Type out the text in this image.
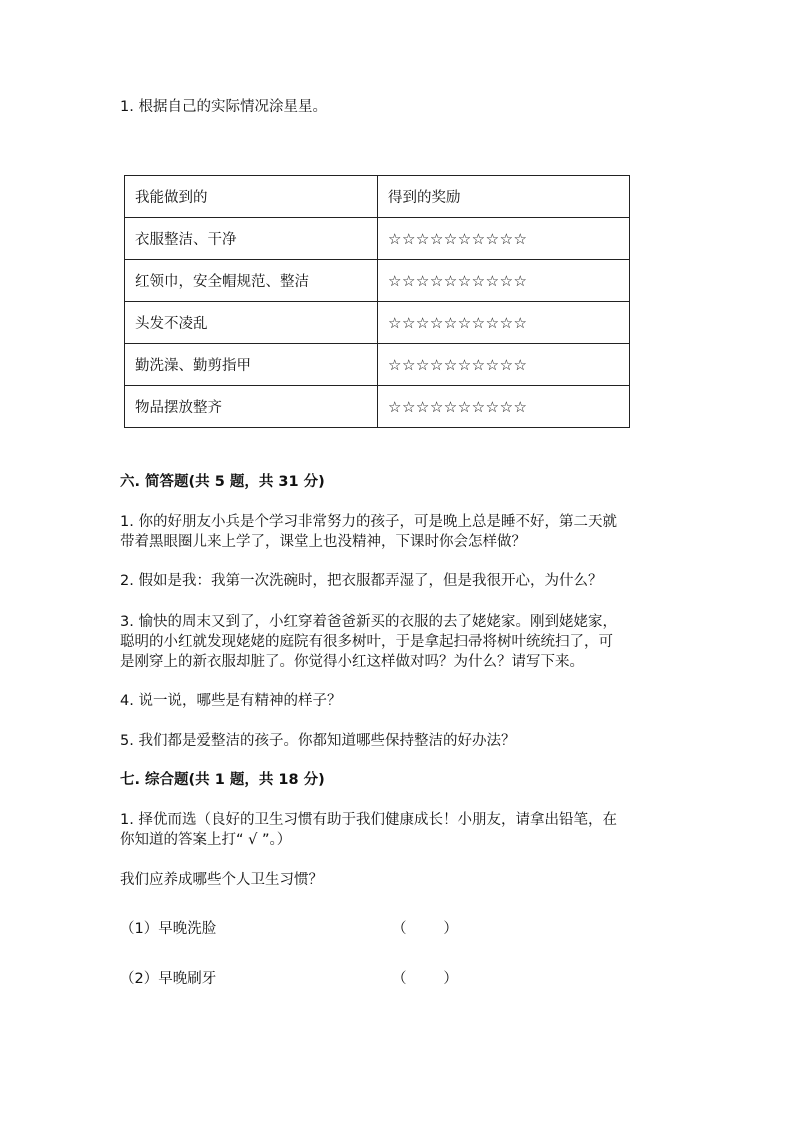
1. 根据自己的实际情况涂星星。
我能做到的	得到的奖励
衣服整洁、干净	☆☆☆☆☆☆☆☆☆☆
红领巾，安全帽规范、整洁	☆☆☆☆☆☆☆☆☆☆
头发不凌乱	☆☆☆☆☆☆☆☆☆☆
勤洗澡、勤剪指甲	☆☆☆☆☆☆☆☆☆☆
物品摆放整齐	☆☆☆☆☆☆☆☆☆☆
六. 简答题(共 5 题，共 31 分)
1. 你的好朋友小兵是个学习非常努力的孩子，可是晚上总是睡不好，第二天就
带着黑眼圈儿来上学了，课堂上也没精神，下课时你会怎样做？
2. 假如是我：我第一次洗碗时，把衣服都弄湿了，但是我很开心，为什么？
3. 愉快的周末又到了，小红穿着爸爸新买的衣服的去了姥姥家。刚到姥姥家，
聪明的小红就发现姥姥的庭院有很多树叶，于是拿起扫帚将树叶统统扫了，可
是刚穿上的新衣服却脏了。你觉得小红这样做对吗？为什么？请写下来。
4. 说一说，哪些是有精神的样子？
5. 我们都是爱整洁的孩子。你都知道哪些保持整洁的好办法？
七. 综合题(共 1 题，共 18 分)
1. 择优而选（良好的卫生习惯有助于我们健康成长！小朋友，请拿出铅笔，在
你知道的答案上打“ √ ”。）
我们应养成哪些个人卫生习惯？
（1）早晚洗脸	（        ）
（2）早晚刷牙	（        ）
